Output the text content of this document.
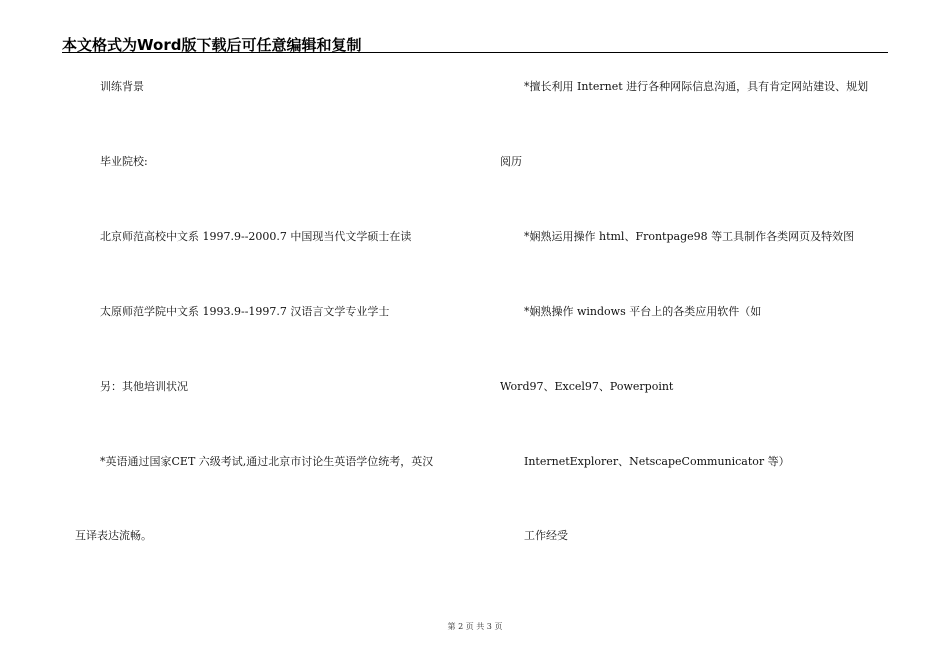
本文格式为Word版下载后可任意编辑和复制
训练背景
毕业院校:
北京师范高校中文系 1997.9--2000.7 中国现当代文学硕士在读
太原师范学院中文系 1993.9--1997.7 汉语言文学专业学士
另：其他培训状况
*英语通过国家CET 六级考试,通过北京市讨论生英语学位统考，英汉
互译表达流畅。
*擅长利用 Internet 进行各种网际信息沟通，具有肯定网站建设、规划
阅历
*娴熟运用操作 html、Frontpage98 等工具制作各类网页及特效图
*娴熟操作 windows 平台上的各类应用软件（如
Word97、Excel97、Powerpoint
InternetExplorer、NetscapeCommunicator 等）
工作经受
第 2 页 共 3 页
